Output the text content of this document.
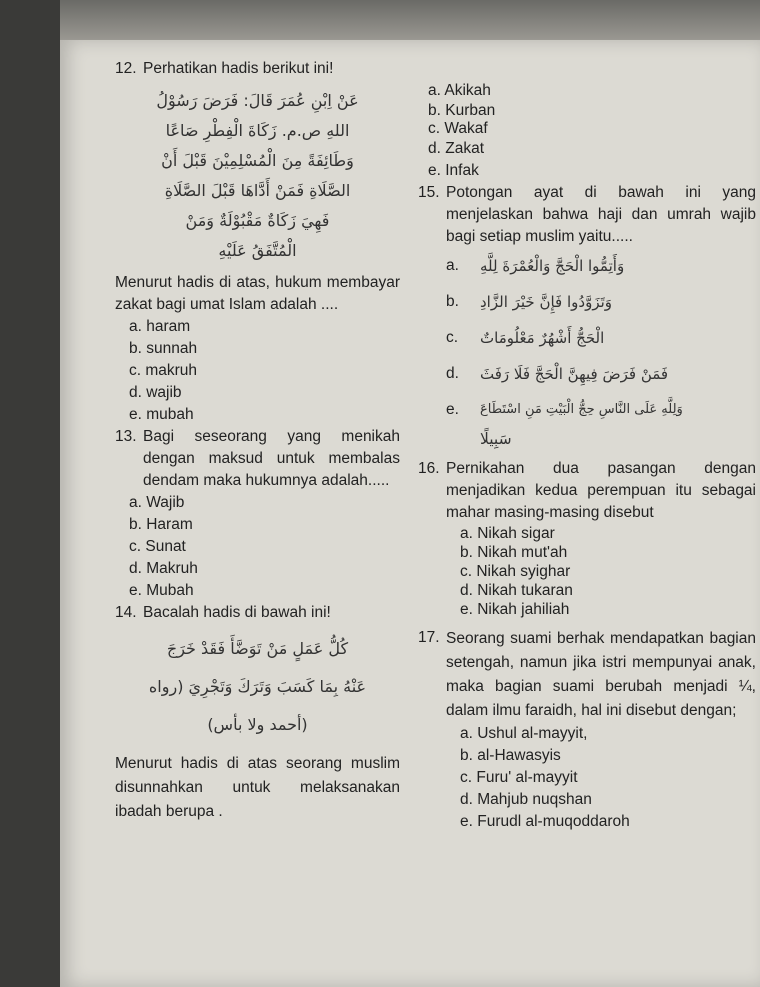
12. Perhatikan hadis berikut ini!
عَنْ اِبْنِ عُمَرَ قَالَ: فَرَضَ رَسُوْلُ
اللهِ ص.م. زَكَاةَ الْفِطْرِ صَاعًا
وَطَائِفَةً مِنَ الْمُسْلِمِيْنَ قَبْلَ أَنْ
الصَّلَاةِ فَمَنْ أَدَّاهَا قَبْلَ الصَّلَاةِ
فَهِيَ زَكَاةٌ مَقْبُوْلَةٌ وَمَنْ
الْمُتَّفَقُ عَلَيْهِ
Menurut hadis di atas, hukum membayar zakat bagi umat Islam adalah ....
a. haram
b. sunnah
c. makruh
d. wajib
e. mubah
13. Bagi seseorang yang menikah dengan maksud untuk membalas dendam maka hukumnya adalah.....
a. Wajib
b. Haram
c. Sunat
d. Makruh
e. Mubah
14. Bacalah hadis di bawah ini!
كُلُّ عَمَلٍ مَنْ تَوَضَّأَ فَقَدْ خَرَجَ
عَنْهُ بِمَا كَسَبَ وَتَرَكَ وَتَجْرِيَ (رواه
(أحمد ولا بأس)
Menurut hadis di atas seorang muslim disunnahkan untuk melaksanakan ibadah berupa .
a. Akikah
b. Kurban
c. Wakaf
d. Zakat
e. Infak
15. Potongan ayat di bawah ini yang menjelaskan bahwa haji dan umrah wajib bagi setiap muslim yaitu.....
a.	وَأَتِمُّوا الْحَجَّ وَالْعُمْرَةَ لِلَّهِ
b.	وَتَزَوَّدُوا فَإِنَّ خَيْرَ الزَّادِ
c.	الْحَجُّ أَشْهُرٌ مَعْلُومَاتٌ
d.	فَمَنْ فَرَضَ فِيهِنَّ الْحَجَّ فَلَا رَفَثَ
e.	وَلِلَّهِ عَلَى النَّاسِ حِجُّ الْبَيْتِ مَنِ اسْتَطَاعَ
سَبِيلًا
16. Pernikahan dua pasangan dengan menjadikan kedua perempuan itu sebagai mahar masing-masing disebut
a. Nikah sigar
b. Nikah mut'ah
c. Nikah syighar
d. Nikah tukaran
e. Nikah jahiliah
17. Seorang suami berhak mendapatkan bagian setengah, namun jika istri mempunyai anak, maka bagian suami berubah menjadi ¼, dalam ilmu faraidh, hal ini disebut dengan;
a. Ushul al-mayyit,
b. al-Hawasyis
c. Furu' al-mayyit
d. Mahjub nuqshan
e. Furudl al-muqoddaroh
